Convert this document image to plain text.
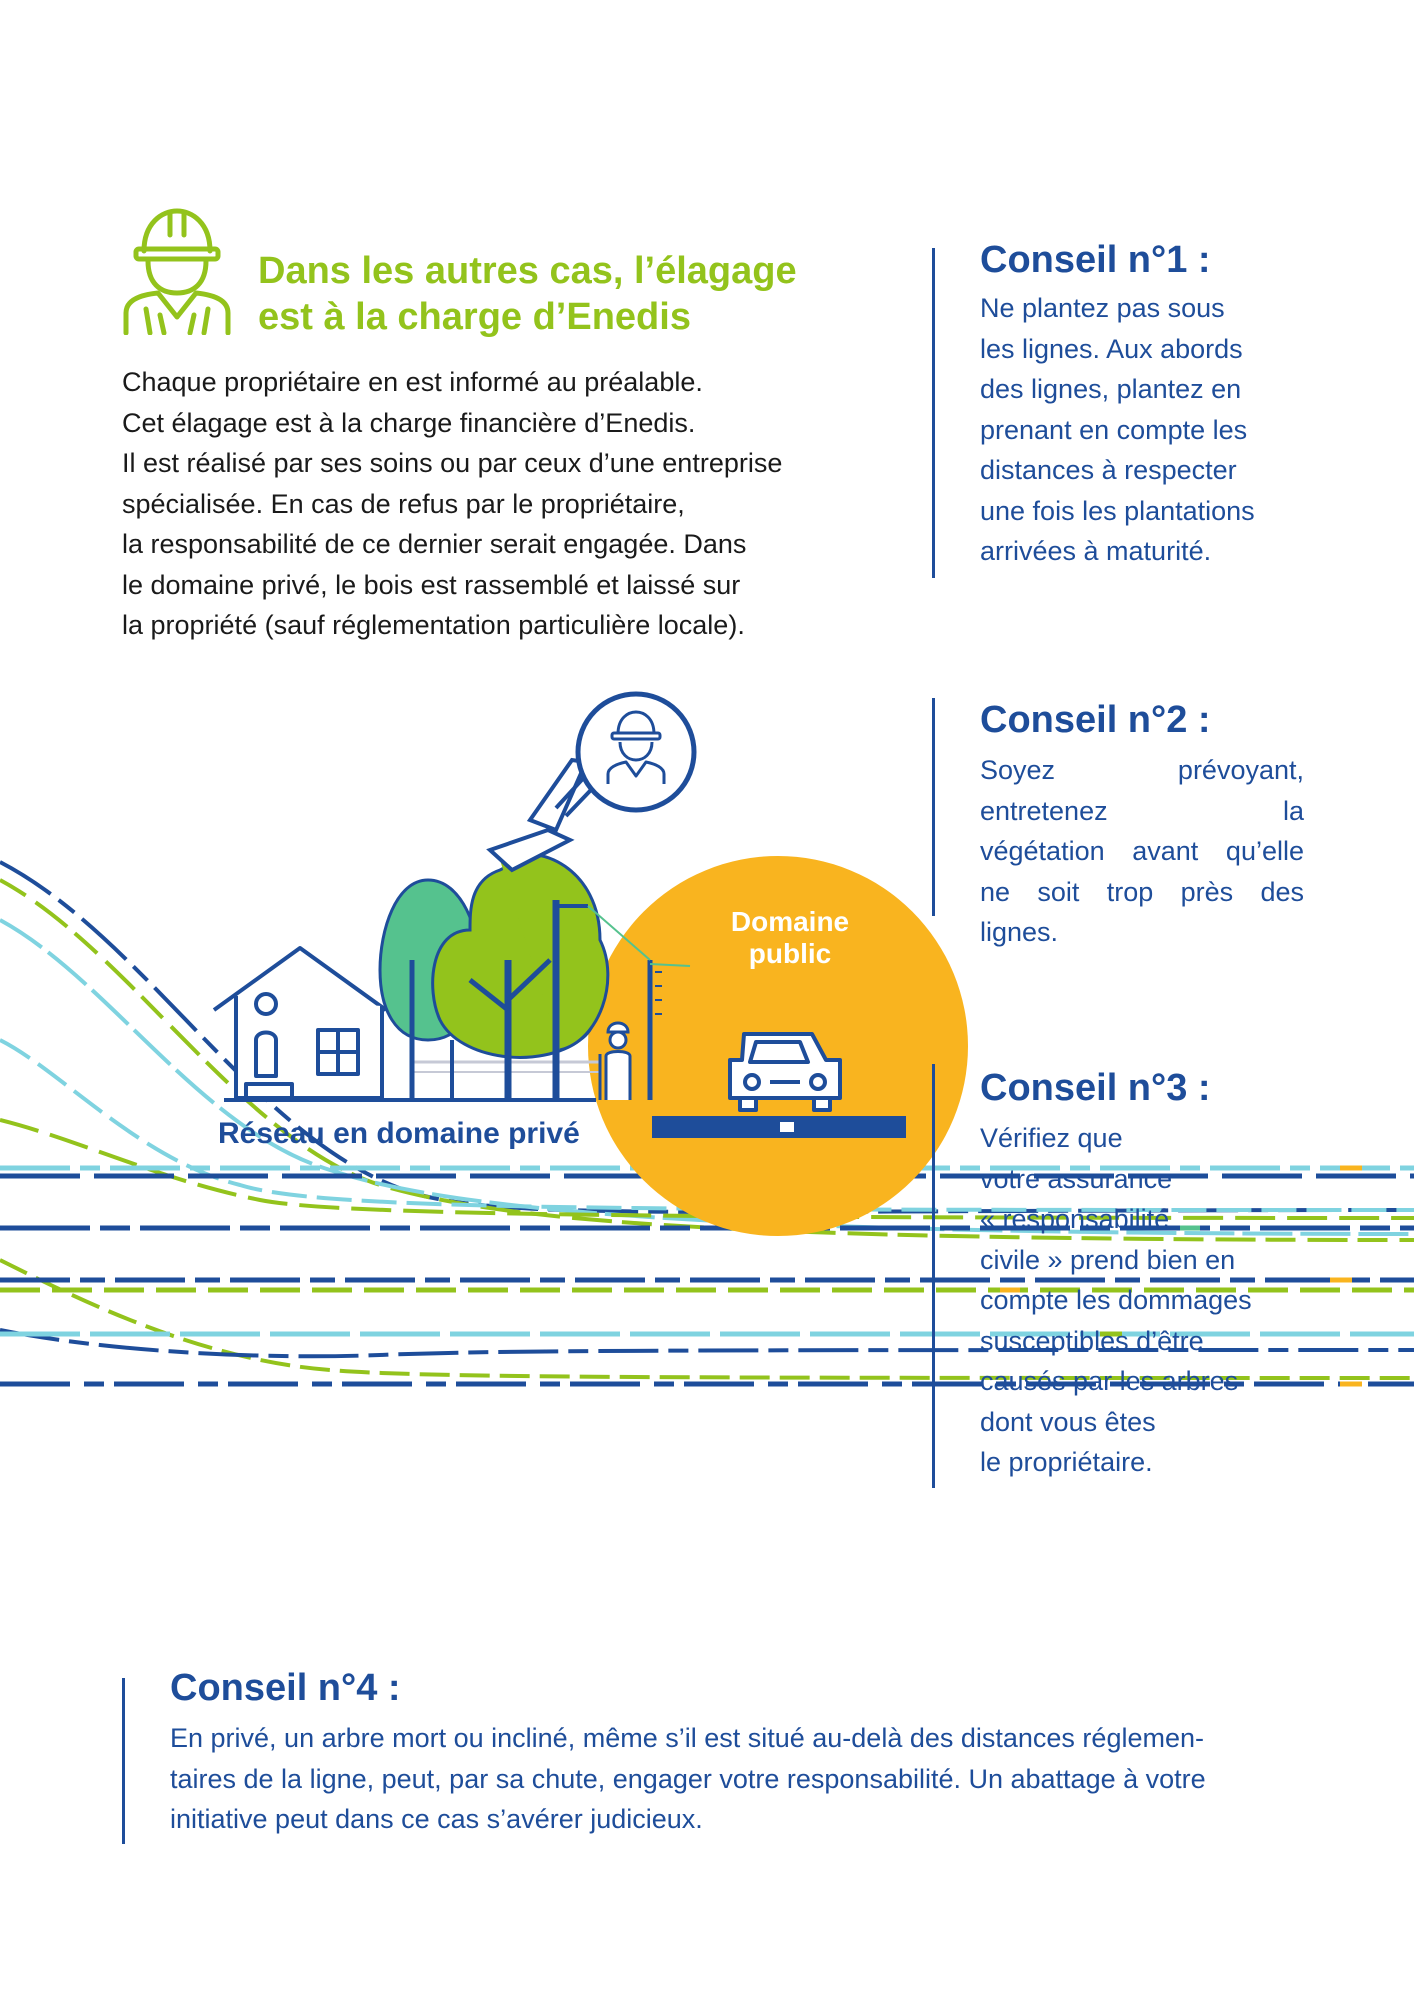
Dans les autres cas, l’élagage
est à la charge d’Enedis
Chaque propriétaire en est informé au préalable.
Cet élagage est à la charge financière d’Enedis.
Il est réalisé par ses soins ou par ceux d’une entreprise
spécialisée. En cas de refus par le propriétaire,
la responsabilité de ce dernier serait engagée. Dans
le domaine privé, le bois est rassemblé et laissé sur
la propriété (sauf réglementation particulière locale).
Domaine
public
Réseau en domaine privé
Conseil n°1 :
Ne plantez pas sous
les lignes. Aux abords
des lignes, plantez en
prenant en compte les
distances à respecter
une fois les plantations
arrivées à maturité.
Conseil n°2 :
Soyez	prévoyant,
entretenez	la
végétation avant qu’elle
ne soit trop près des
lignes.
Conseil n°3 :
Vérifiez que
votre assurance
« responsabilité
civile » prend bien en
compte les dommages
susceptibles d’être
causés par les arbres
dont vous êtes
le propriétaire.
Conseil n°4 :
En privé, un arbre mort ou incliné, même s’il est situé au-delà des distances réglemen-
taires de la ligne, peut, par sa chute, engager votre responsabilité. Un abattage à votre
initiative peut dans ce cas s’avérer judicieux.
